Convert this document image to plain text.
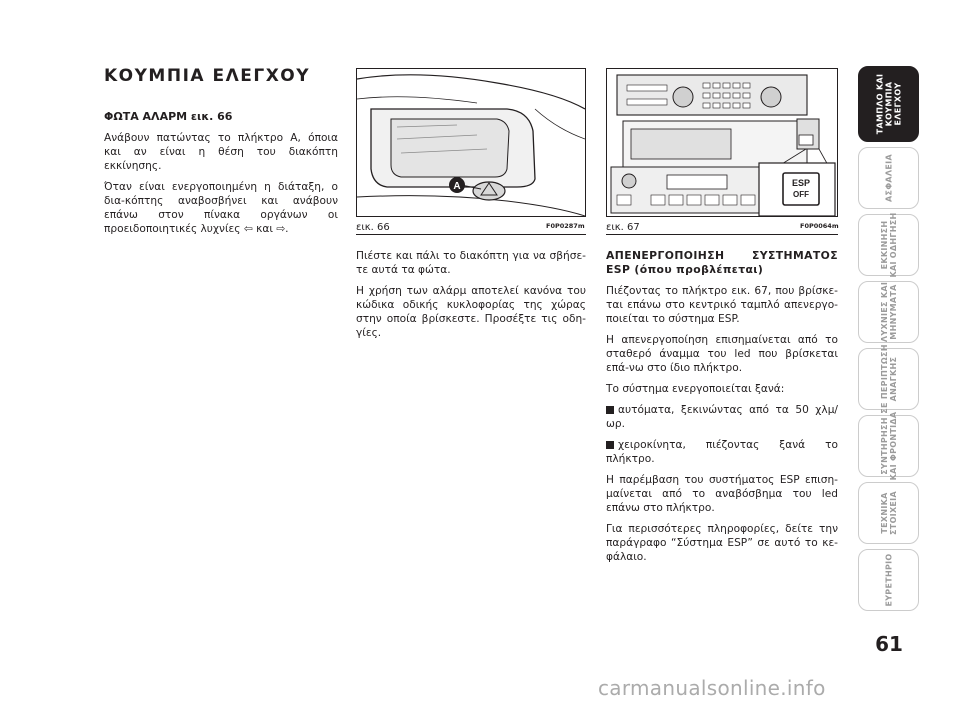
ΚΟΥΜΠΙΑ ΕΛΕΓΧΟΥ

ΦΩΤΑ ΑΛΑΡΜ εικ. 66

Ανάβουν πατώντας το πλήκτρο A, όποια και αν είναι η θέση του διακόπτη εκκίνησης.

Όταν είναι ενεργοποιημένη η διάταξη, ο δια-κόπτης αναβοσβήνει και ανάβουν επάνω στον πίνακα οργάνων οι προειδοποιητικές λυχνίες ⇦ και ⇨.

A
εικ. 66	F0P0287m
ESP
OFF
εικ. 67	F0P0064m

Πιέστε και πάλι το διακόπτη για να σβήσε-τε αυτά τα φώτα.

Η χρήση των αλάρμ αποτελεί κανόνα του κώδικα οδικής κυκλοφορίας της χώρας στην οποία βρίσκεστε. Προσέξτε τις οδη-γίες.

ΑΠΕΝΕΡΓΟΠΟΙΗΣΗ ΣΥΣΤΗΜΑΤΟΣ ESP (όπου προβλέπεται)

Πιέζοντας το πλήκτρο εικ. 67, που βρίσκε-ται επάνω στο κεντρικό ταμπλό απενεργο-ποιείται το σύστημα ESP.

Η απενεργοποίηση επισημαίνεται από το σταθερό άναμμα του led που βρίσκεται επά-νω στο ίδιο πλήκτρο.

Το σύστημα ενεργοποιείται ξανά:

αυτόματα, ξεκινώντας από τα 50 χλμ/ωρ.

χειροκίνητα, πιέζοντας ξανά το πλήκτρο.

Η παρέμβαση του συστήματος ESP επιση-μαίνεται από το αναβόσβημα του led επάνω στο πλήκτρο.

Για περισσότερες πληροφορίες, δείτε την παράγραφο “Σύστημα ESP” σε αυτό το κε-φάλαιο.

ΤΑΜΠΛΟ ΚΑΙ
ΚΟΥΜΠΙΑ
ΕΛΕΓΧΟΥ
ΑΣΦΑΛΕΙΑ
ΕΚΚΙΝΗΣΗ
ΚΑΙ ΟΔΗΓΗΣΗ
ΛΥΧΝΙΕΣ ΚΑΙ
ΜΗΝΥΜΑΤΑ
ΣΕ ΠΕΡΙΠΤΩΣΗ
ΑΝΑΓΚΗΣ
ΣΥΝΤΗΡΗΣΗ
ΚΑΙ ΦΡΟΝΤΙΔΑ
ΤΕΧΝΙΚΑ
ΣΤΟΙΧΕΙΑ
ΕΥΡΕΤΗΡΙΟ
61
carmanualsonline.info
